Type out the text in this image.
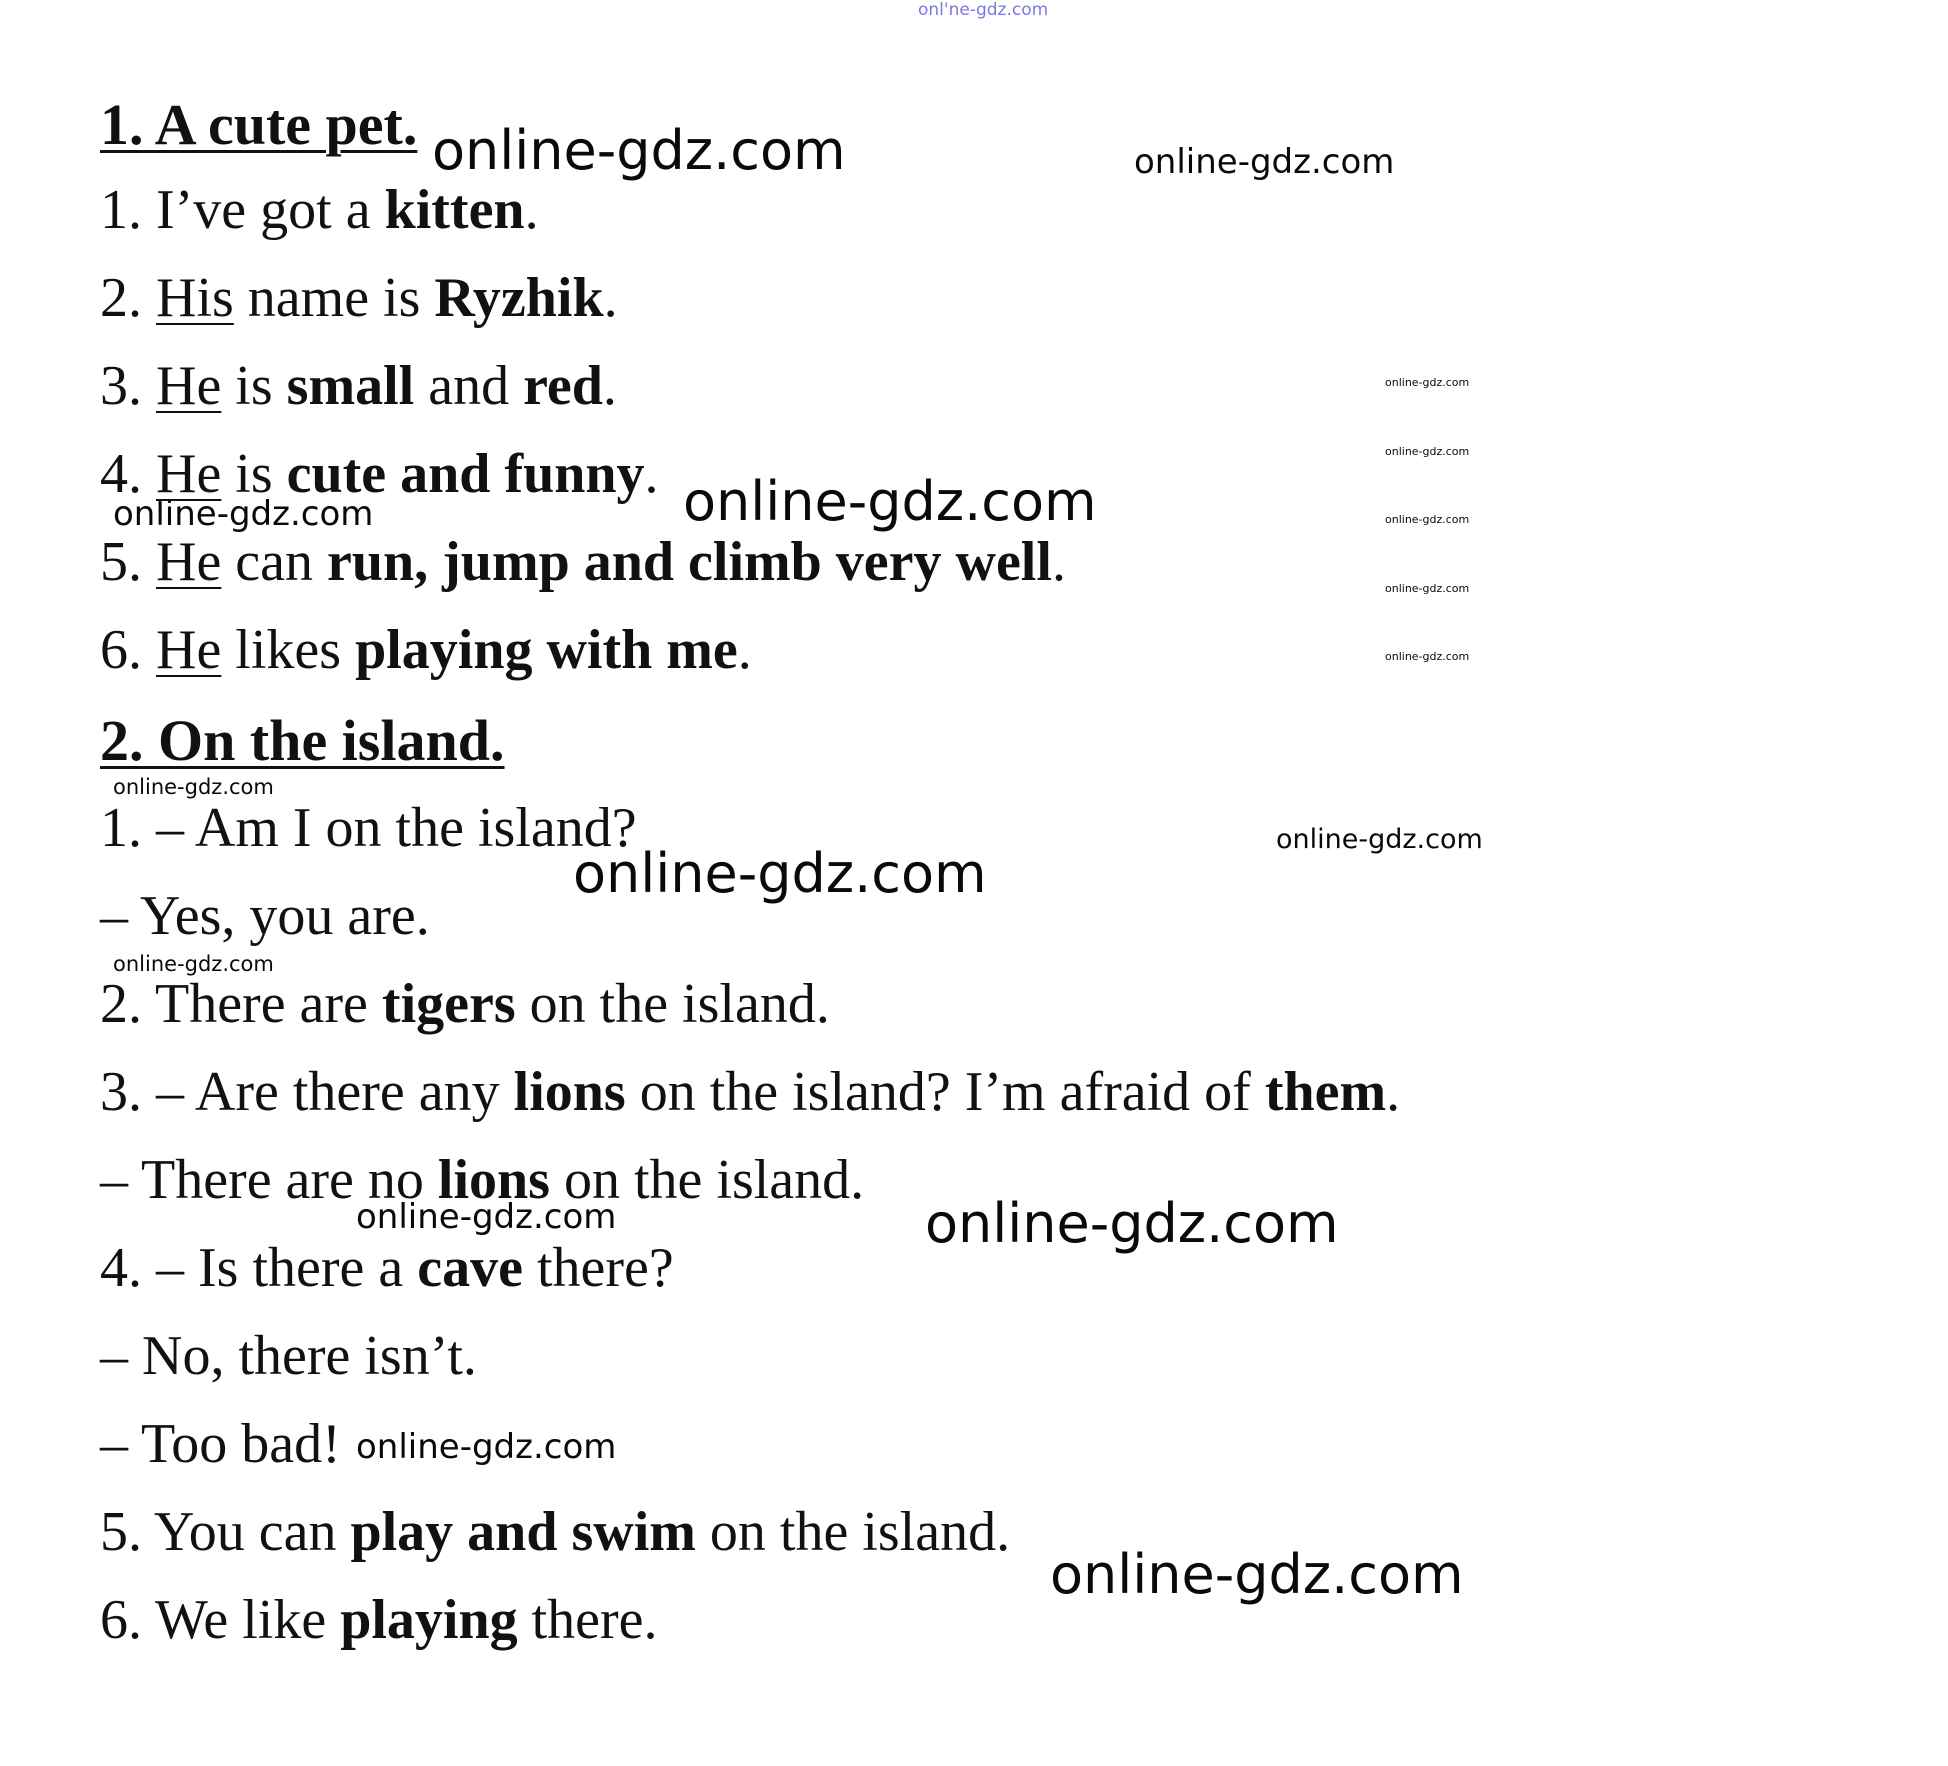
onl'ne-gdz.com
1. A cute pet.
1. I’ve got a kitten.
2. His name is Ryzhik.
3. He is small and red.
4. He is cute and funny.
5. He can run, jump and climb very well.
6. He likes playing with me.
2. On the island.
1. – Am I on the island?
– Yes, you are.
2. There are tigers on the island.
3. – Are there any lions on the island? I’m afraid of them.
– There are no lions on the island.
4. – Is there a cave there?
– No, there isn’t.
– Too bad!
5. You can play and swim on the island.
6. We like playing there.
online-gdz.com	online-gdz.com
online-gdz.com
online-gdz.com
online-gdz.com
online-gdz.com
online-gdz.com
online-gdz.com
online-gdz.com
online-gdz.com
online-gdz.com
online-gdz.com
online-gdz.com
online-gdz.com	online-gdz.com
online-gdz.com
online-gdz.com
